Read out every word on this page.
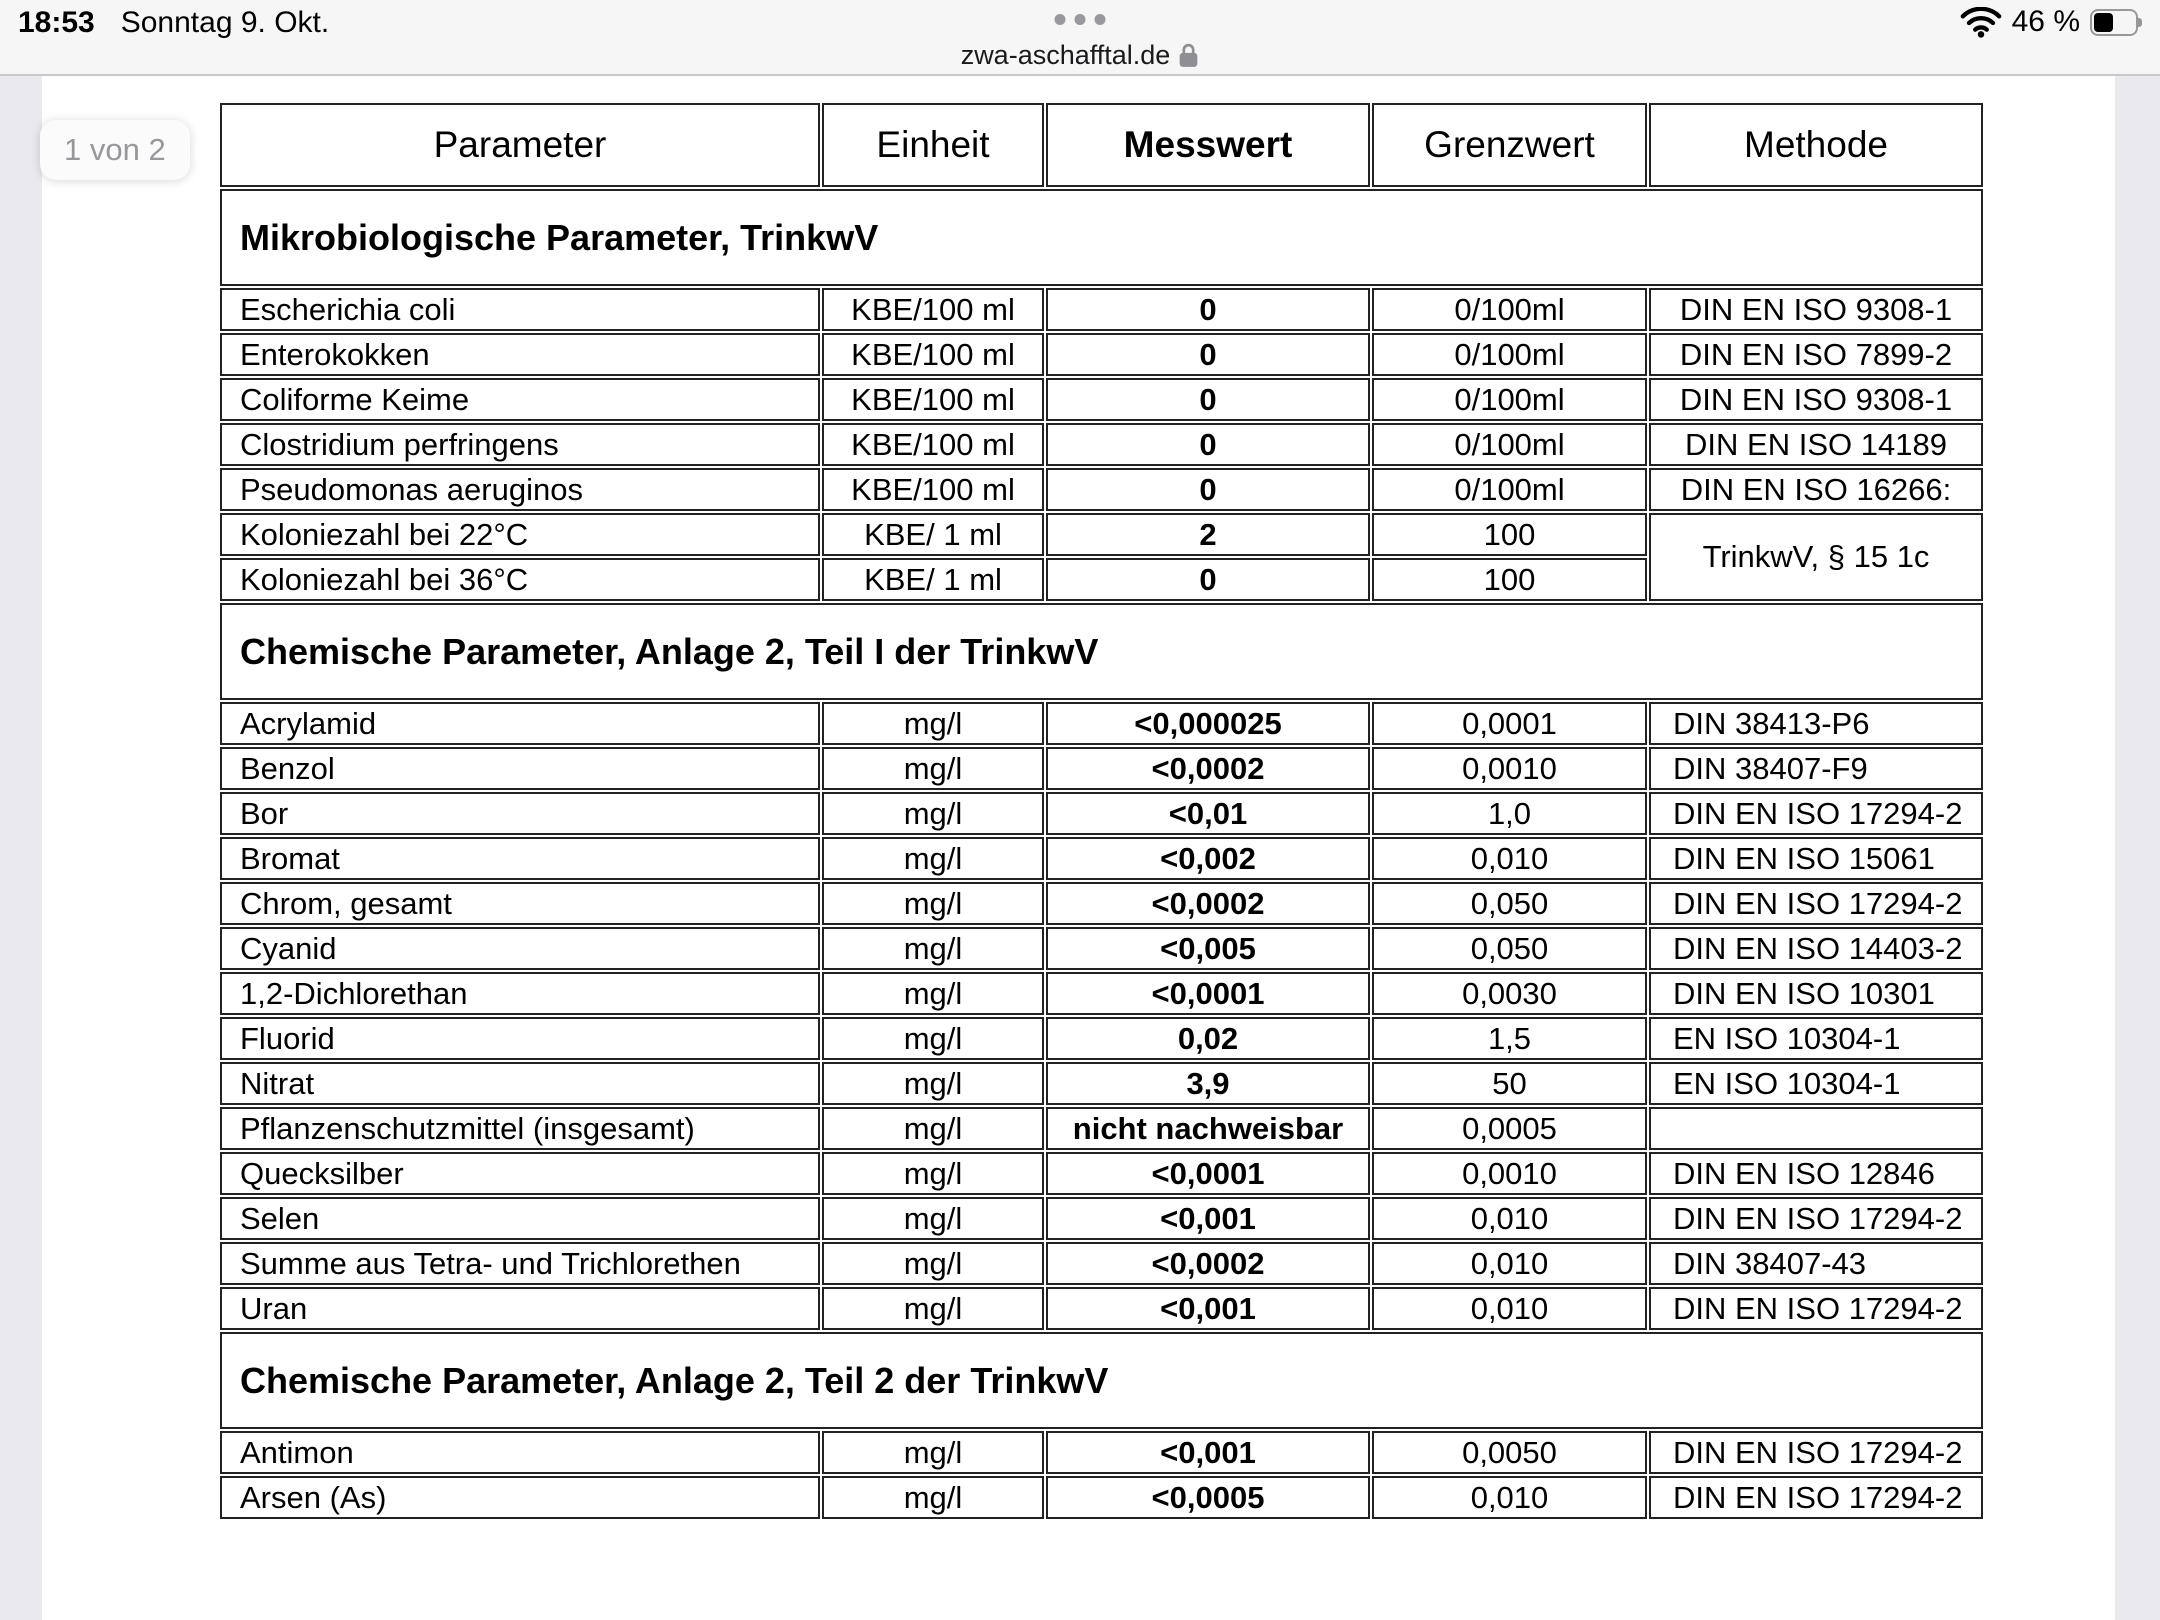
18:53 Sonntag 9. Okt.	46 %
zwa-aschafftal.de
Parameter	Einheit	Messwert	Grenzwert	Methode
Mikrobiologische Parameter, TrinkwV				
Escherichia coli	KBE/100 ml	0	0/100ml	DIN EN ISO 9308-1
Enterokokken	KBE/100 ml	0	0/100ml	DIN EN ISO 7899-2
Coliforme Keime	KBE/100 ml	0	0/100ml	DIN EN ISO 9308-1
Clostridium perfringens	KBE/100 ml	0	0/100ml	DIN EN ISO 14189
Pseudomonas aeruginos	KBE/100 ml	0	0/100ml	DIN EN ISO 16266:
Koloniezahl bei 22°C	KBE/ 1 ml	2	100	TrinkwV, § 15 1c
Koloniezahl bei 36°C	KBE/ 1 ml	0	100	
Chemische Parameter, Anlage 2, Teil I der TrinkwV				
Acrylamid	mg/l	<0,000025	0,0001	DIN 38413-P6
Benzol	mg/l	<0,0002	0,0010	DIN 38407-F9
Bor	mg/l	<0,01	1,0	DIN EN ISO 17294-2
Bromat	mg/l	<0,002	0,010	DIN EN ISO 15061
Chrom, gesamt	mg/l	<0,0002	0,050	DIN EN ISO 17294-2
Cyanid	mg/l	<0,005	0,050	DIN EN ISO 14403-2
1,2-Dichlorethan	mg/l	<0,0001	0,0030	DIN EN ISO 10301
Fluorid	mg/l	0,02	1,5	EN ISO 10304-1
Nitrat	mg/l	3,9	50	EN ISO 10304-1
Pflanzenschutzmittel (insgesamt)	mg/l	nicht nachweisbar	0,0005	
Quecksilber	mg/l	<0,0001	0,0010	DIN EN ISO 12846
Selen	mg/l	<0,001	0,010	DIN EN ISO 17294-2
Summe aus Tetra- und Trichlorethen	mg/l	<0,0002	0,010	DIN 38407-43
Uran	mg/l	<0,001	0,010	DIN EN ISO 17294-2
Chemische Parameter, Anlage 2, Teil 2 der TrinkwV				
Antimon	mg/l	<0,001	0,0050	DIN EN ISO 17294-2
Arsen (As)	mg/l	<0,0005	0,010	DIN EN ISO 17294-2
1 von 2
